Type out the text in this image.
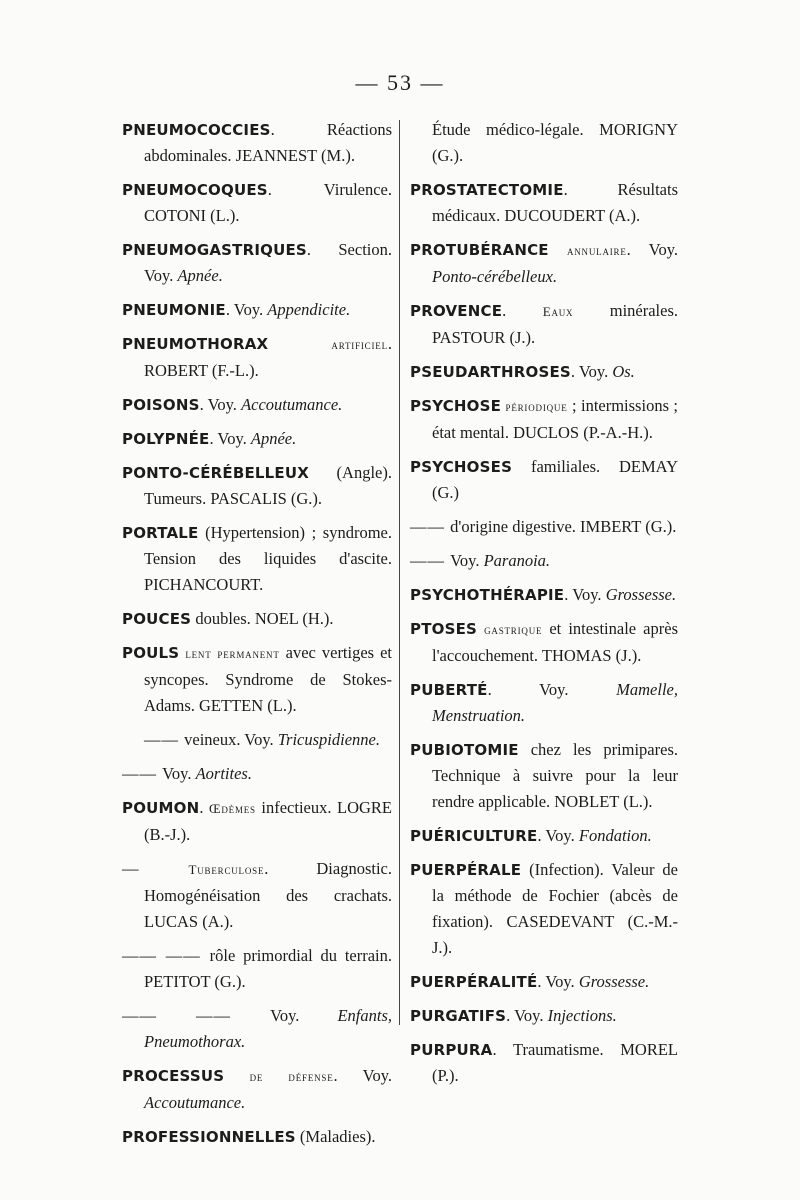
— 53 —
PNEUMOCOCCIES. Réactions abdominales. JEANNEST (M.).
PNEUMOCOQUES. Virulence. COTONI (L.).
PNEUMOGASTRIQUES. Section. Voy. Apnée.
PNEUMONIE. Voy. Appendicite.
PNEUMOTHORAX	artificiel. ROBERT (F.-L.).
POISONS. Voy. Accoutumance.
POLYPNÉE. Voy. Apnée.
PONTO-CÉRÉBELLEUX (Angle). Tumeurs. PASCALIS (G.).
PORTALE (Hypertension) ; syndrome. Tension des liquides d'ascite. PICHANCOURT.
POUCES doubles. NOEL (H.).
POULS lent permanent avec vertiges et syncopes. Syndrome de Stokes-Adams. GETTEN (L.).
—— veineux. Voy. Tricuspidienne.
—— Voy. Aortites.
POUMON. Œdèmes infectieux. LOGRE (B.-J.).
— Tuberculose. Diagnostic. Homogénéisation des crachats. LUCAS (A.).
—— —— rôle primordial du terrain. PETITOT (G.).
—— —— Voy. Enfants, Pneumothorax.
PROCESSUS de défense. Voy. Accoutumance.
PROFESSIONNELLES (Maladies).
Étude médico-légale. MORIGNY (G.).
PROSTATECTOMIE. Résultats médicaux. DUCOUDERT (A.).
PROTUBÉRANCE annulaire. Voy. Ponto-cérébelleux.
PROVENCE. Eaux minérales. PASTOUR (J.).
PSEUDARTHROSES. Voy. Os.
PSYCHOSE périodique ; intermissions ; état mental. DUCLOS (P.-A.-H.).
PSYCHOSES familiales. DEMAY (G.)
—— d'origine digestive. IMBERT (G.).
—— Voy. Paranoia.
PSYCHOTHÉRAPIE. Voy. Grossesse.
PTOSES gastrique et intestinale après l'accouchement. THOMAS (J.).
PUBERTÉ. Voy. Mamelle, Menstruation.
PUBIOTOMIE chez les primipares. Technique à suivre pour la leur rendre applicable. NOBLET (L.).
PUÉRICULTURE. Voy. Fondation.
PUERPÉRALE (Infection). Valeur de la méthode de Fochier (abcès de fixation). CASEDEVANT (C.-M.-J.).
PUERPÉRALITÉ. Voy. Grossesse.
PURGATIFS. Voy. Injections.
PURPURA. Traumatisme. MOREL (P.).
